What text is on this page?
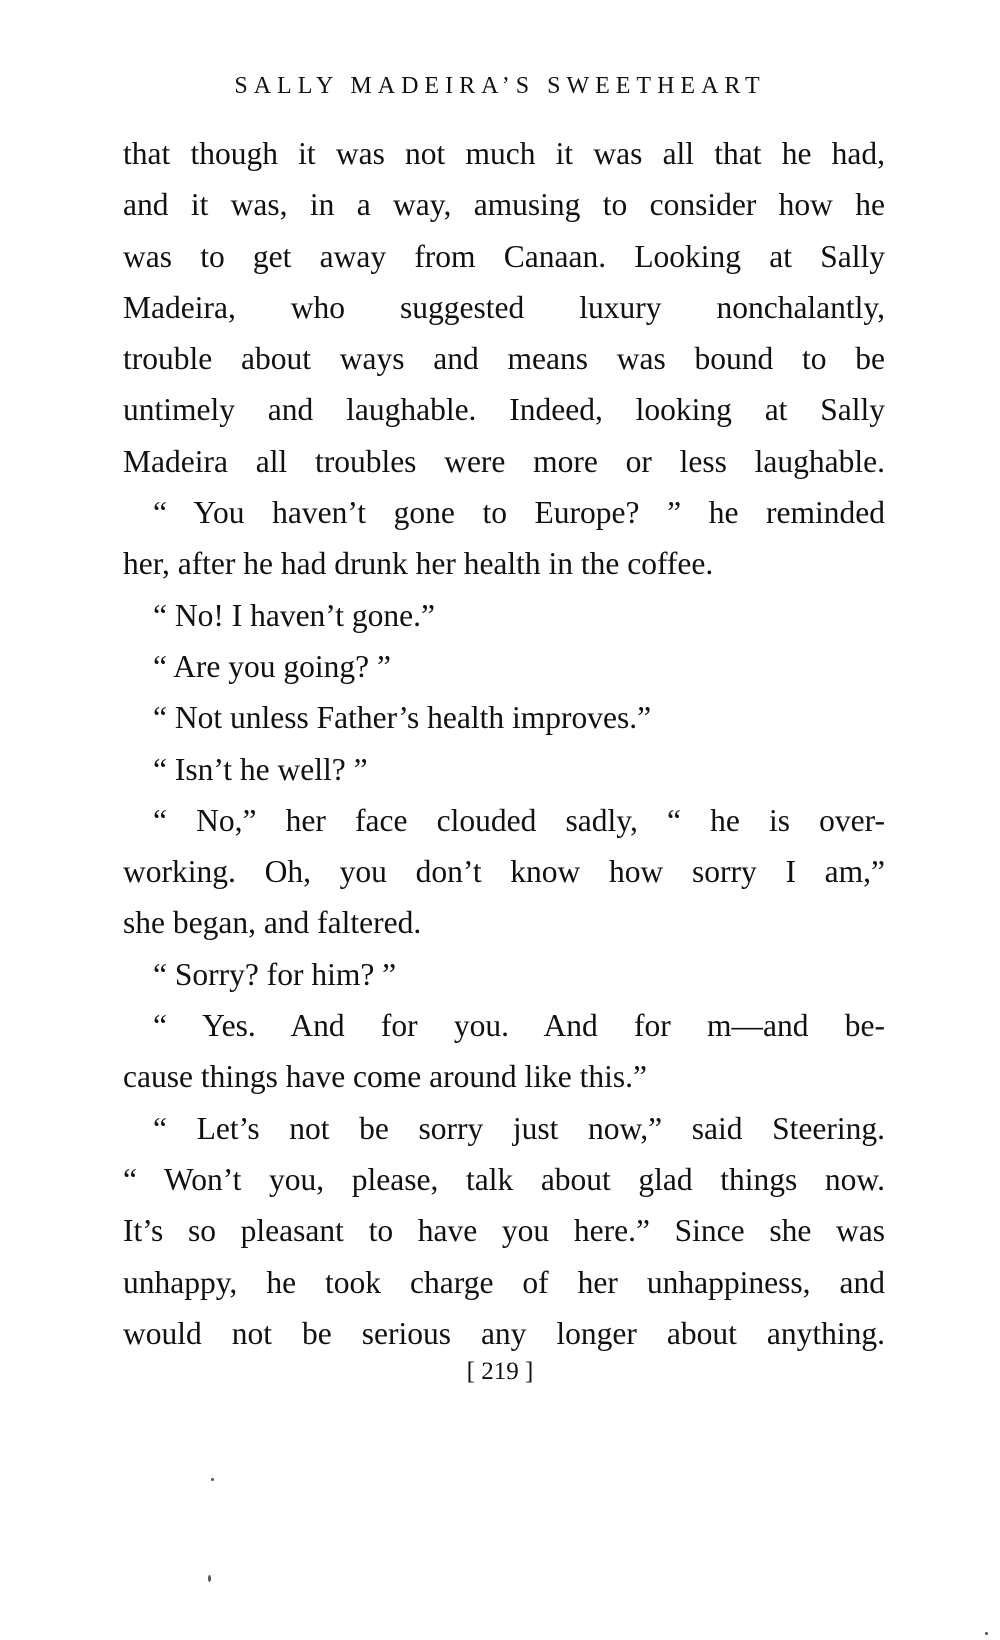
SALLY MADEIRA’S SWEETHEART
that though it was not much it was all that he had,
and it was, in a way, amusing to consider how he
was to get away from Canaan. Looking at Sally
Madeira, who suggested luxury nonchalantly,
trouble about ways and means was bound to be
untimely and laughable. Indeed, looking at Sally
Madeira all troubles were more or less laughable.
“ You haven’t gone to Europe? ” he reminded
her, after he had drunk her health in the coffee.
“ No! I haven’t gone.”
“ Are you going? ”
“ Not unless Father’s health improves.”
“ Isn’t he well? ”
“ No,” her face clouded sadly, “ he is over-
working. Oh, you don’t know how sorry I am,”
she began, and faltered.
“ Sorry? for him? ”
“ Yes. And for you. And for m—and be-
cause things have come around like this.”
“ Let’s not be sorry just now,” said Steering.
“ Won’t you, please, talk about glad things now.
It’s so pleasant to have you here.” Since she was
unhappy, he took charge of her unhappiness, and
would not be serious any longer about anything.
[ 219 ]
